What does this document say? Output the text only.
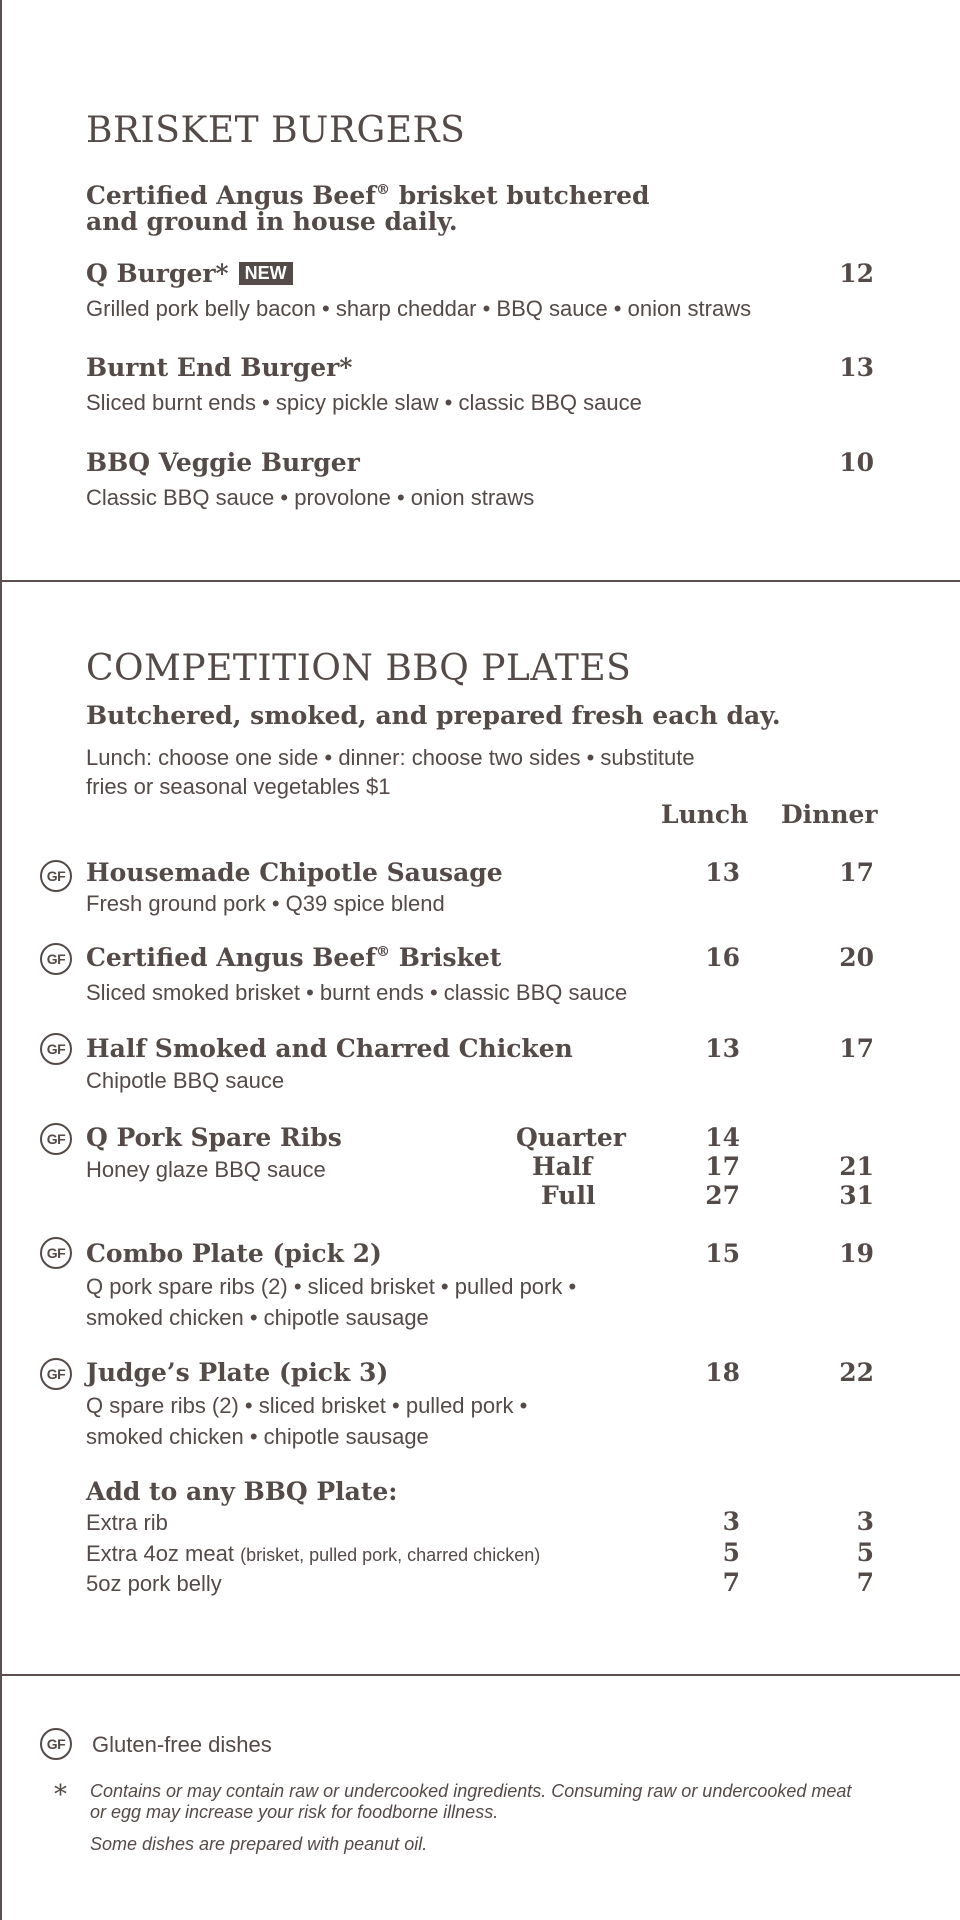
BRISKET BURGERS
Certified Angus Beef® brisket butchered
and ground in house daily.
Q Burger* NEW	12
Grilled pork belly bacon • sharp cheddar • BBQ sauce • onion straws
Burnt End Burger*	13
Sliced burnt ends • spicy pickle slaw • classic BBQ sauce
BBQ Veggie Burger	10
Classic BBQ sauce • provolone • onion straws
COMPETITION BBQ PLATES
Butchered, smoked, and prepared fresh each day.
Lunch: choose one side • dinner: choose two sides • substitute
fries or seasonal vegetables $1
Lunch Dinner
GF Housemade Chipotle Sausage	13	17
Fresh ground pork • Q39 spice blend
GF Certified Angus Beef® Brisket	16	20
Sliced smoked brisket • burnt ends • classic BBQ sauce
GF Half Smoked and Charred Chicken	13	17
Chipotle BBQ sauce
GF Q Pork Spare Ribs
Honey glaze BBQ sauce
Quarter	14
Half	17	21
Full	27	31
GF Combo Plate (pick 2)	15	19
Q pork spare ribs (2) • sliced brisket • pulled pork •
smoked chicken • chipotle sausage
GF Judge’s Plate (pick 3)	18	22
Q spare ribs (2) • sliced brisket • pulled pork •
smoked chicken • chipotle sausage
Add to any BBQ Plate:
Extra rib	3	3
Extra 4oz meat (brisket, pulled pork, charred chicken)	5	5
5oz pork belly	7	7
GF	Gluten-free dishes
* Contains or may contain raw or undercooked ingredients. Consuming raw or undercooked meat
or egg may increase your risk for foodborne illness.
Some dishes are prepared with peanut oil.
